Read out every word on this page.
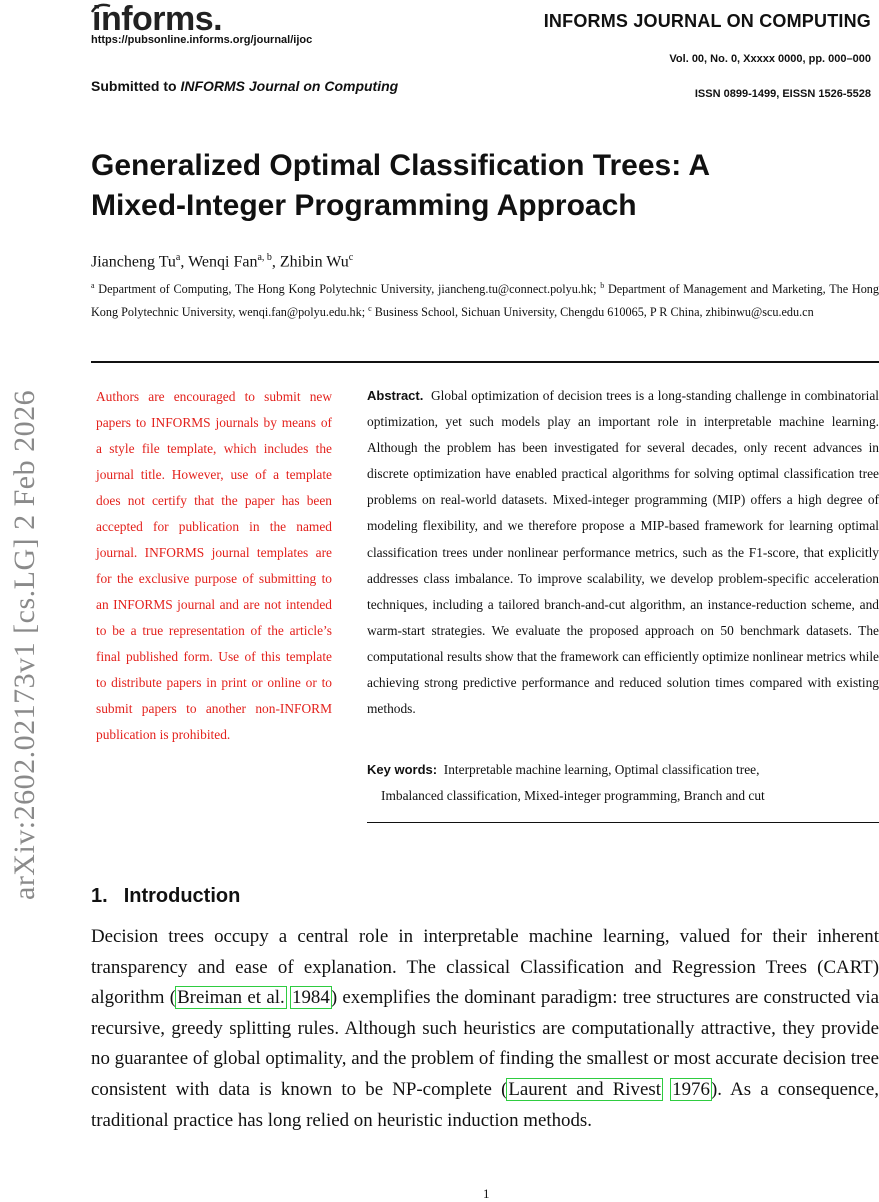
informs.
https://pubsonline.informs.org/journal/ijoc
INFORMS JOURNAL ON COMPUTING
Vol. 00, No. 0, Xxxxx 0000, pp. 000–000
Submitted to INFORMS Journal on Computing	ISSN 0899-1499, EISSN 1526-5528
arXiv:2602.02173v1 [cs.LG] 2 Feb 2026
Generalized Optimal Classification Trees: A
Mixed-Integer Programming Approach
Jiancheng Tu$^a$, Wenqi Fan$^{a, b}$, Zhibin Wu$^c$
$^a$ Department of Computing, The Hong Kong Polytechnic University, jiancheng.tu@connect.polyu.hk; $^b$ Department of Management and Marketing, The Hong Kong Polytechnic University, wenqi.fan@polyu.edu.hk; $^c$ Business School, Sichuan University, Chengdu 610065, P R China, zhibinwu@scu.edu.cn
Authors are encouraged to submit new papers to INFORMS journals by means of a style file template, which includes the journal title. However, use of a template does not certify that the paper has been accepted for publication in the named journal. INFORMS journal templates are for the exclusive purpose of submitting to an INFORMS journal and are not intended to be a true representation of the article’s final published form. Use of this template to distribute papers in print or online or to submit papers to another non-INFORM publication is prohibited.
Abstract. Global optimization of decision trees is a long-standing challenge in combinatorial optimization, yet such models play an important role in interpretable machine learning. Although the problem has been investigated for several decades, only recent advances in discrete optimization have enabled practical algorithms for solving optimal classification tree problems on real-world datasets. Mixed-integer programming (MIP) offers a high degree of modeling flexibility, and we therefore propose a MIP-based framework for learning optimal classification trees under nonlinear performance metrics, such as the F1-score, that explicitly addresses class imbalance. To improve scalability, we develop problem-specific acceleration techniques, including a tailored branch-and-cut algorithm, an instance-reduction scheme, and warm-start strategies. We evaluate the proposed approach on 50 benchmark datasets. The computational results show that the framework can efficiently optimize nonlinear metrics while achieving strong predictive performance and reduced solution times compared with existing methods.
Key words: Interpretable machine learning, Optimal classification tree,
Imbalanced classification, Mixed-integer programming, Branch and cut
1. Introduction
Decision trees occupy a central role in interpretable machine learning, valued for their inherent transparency and ease of explanation. The classical Classification and Regression Trees (CART) algorithm (Breiman et al. 1984) exemplifies the dominant paradigm: tree structures are constructed via recursive, greedy splitting rules. Although such heuristics are computationally attractive, they provide no guarantee of global optimality, and the problem of finding the smallest or most accurate decision tree consistent with data is known to be NP-complete (Laurent and Rivest 1976). As a consequence, traditional practice has long relied on heuristic induction methods.
1
